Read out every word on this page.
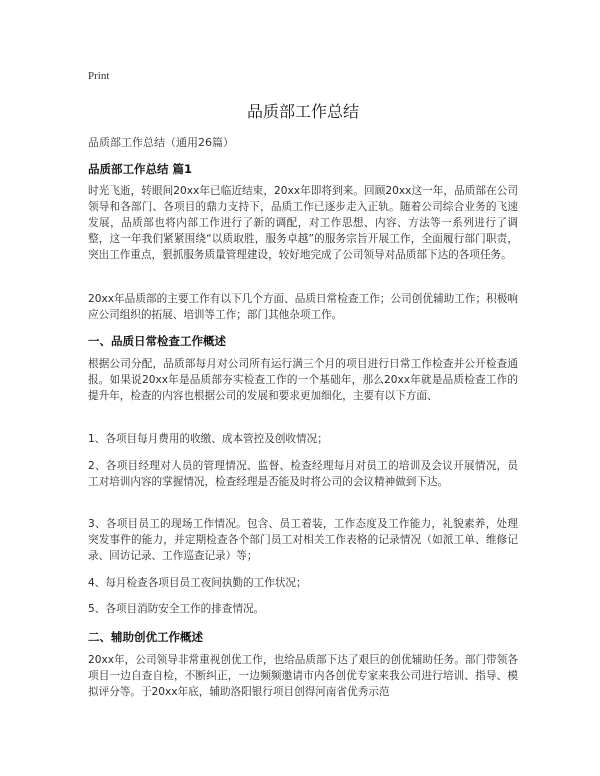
Print
品质部工作总结
品质部工作总结（通用26篇）
品质部工作总结 篇1
时光飞逝，转眼间20xx年已临近结束，20xx年即将到来。回顾20xx这一年，品质部在公司领导和各部门、各项目的鼎力支持下，品质工作已逐步走入正轨。随着公司综合业务的飞速发展，品质部也将内部工作进行了新的调配，对工作思想、内容、方法等一系列进行了调整，这一年我们紧紧围绕“以质取胜，服务卓越”的服务宗旨开展工作，全面履行部门职责，突出工作重点，狠抓服务质量管理建设，较好地完成了公司领导对品质部下达的各项任务。
20xx年品质部的主要工作有以下几个方面、品质日常检查工作；公司创优辅助工作；积极响应公司组织的拓展、培训等工作；部门其他杂项工作。
一、品质日常检查工作概述
根据公司分配，品质部每月对公司所有运行满三个月的项目进行日常工作检查并公开检查通报。如果说20xx年是品质部夯实检查工作的一个基础年，那么20xx年就是品质检查工作的提升年，检查的内容也根据公司的发展和要求更加细化，主要有以下方面、
1、各项目每月费用的收缴、成本管控及创收情况；
2、各项目经理对人员的管理情况、监督、检查经理每月对员工的培训及会议开展情况，员工对培训内容的掌握情况，检查经理是否能及时将公司的会议精神做到下达。
3、各项目员工的现场工作情况。包含、员工着装，工作态度及工作能力，礼貌素养，处理突发事件的能力，并定期检查各个部门员工对相关工作表格的记录情况（如派工单、维修记录、回访记录、工作巡查记录）等；
4、每月检查各项目员工夜间执勤的工作状况；
5、各项目消防安全工作的排查情况。
二、辅助创优工作概述
20xx年，公司领导非常重视创优工作，也给品质部下达了艰巨的创优辅助任务。部门带领各项目一边自查自检，不断纠正，一边频频邀请市内各创优专家来我公司进行培训、指导、模拟评分等。于20xx年底，辅助洛阳银行项目创得河南省优秀示范
